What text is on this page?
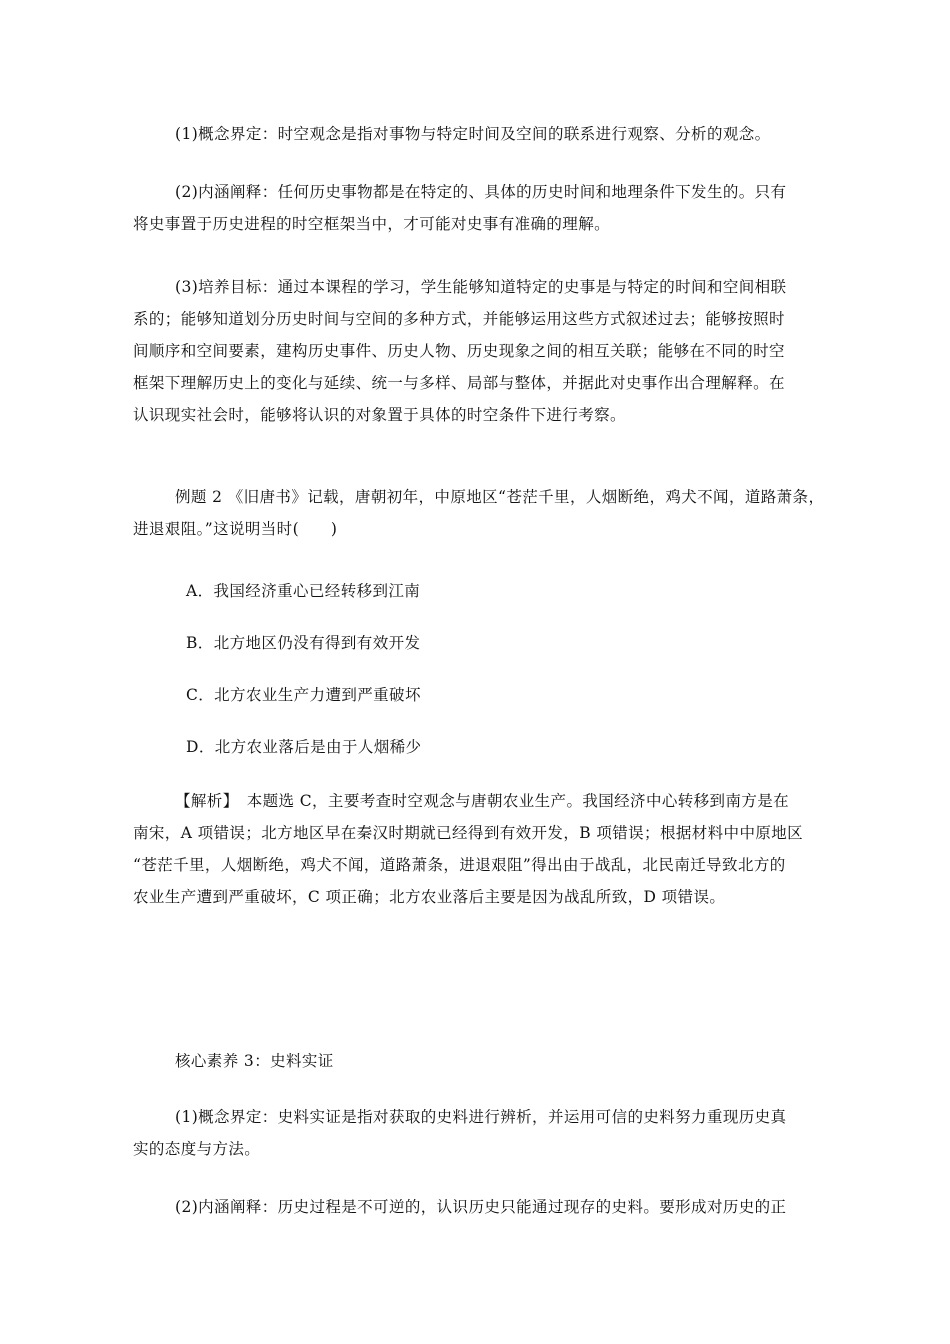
(1)概念界定：时空观念是指对事物与特定时间及空间的联系进行观察、分析的观念。

(2)内涵阐释：任何历史事物都是在特定的、具体的历史时间和地理条件下发生的。只有
将史事置于历史进程的时空框架当中，才可能对史事有准确的理解。

(3)培养目标：通过本课程的学习，学生能够知道特定的史事是与特定的时间和空间相联
系的；能够知道划分历史时间与空间的多种方式，并能够运用这些方式叙述过去；能够按照时
间顺序和空间要素，建构历史事件、历史人物、历史现象之间的相互关联；能够在不同的时空
框架下理解历史上的变化与延续、统一与多样、局部与整体，并据此对史事作出合理解释。在
认识现实社会时，能够将认识的对象置于具体的时空条件下进行考察。

例题 2 《旧唐书》记载，唐朝初年，中原地区“苍茫千里，人烟断绝，鸡犬不闻，道路萧条，
进退艰阻。”这说明当时(　　)

A．我国经济重心已经转移到江南

B．北方地区仍没有得到有效开发

C．北方农业生产力遭到严重破坏

D．北方农业落后是由于人烟稀少

【解析】　本题选 C，主要考查时空观念与唐朝农业生产。我国经济中心转移到南方是在
南宋，A 项错误；北方地区早在秦汉时期就已经得到有效开发，B 项错误；根据材料中中原地区
“苍茫千里，人烟断绝，鸡犬不闻，道路萧条，进退艰阻”得出由于战乱，北民南迁导致北方的
农业生产遭到严重破坏，C 项正确；北方农业落后主要是因为战乱所致，D 项错误。

核心素养 3：史料实证

(1)概念界定：史料实证是指对获取的史料进行辨析，并运用可信的史料努力重现历史真
实的态度与方法。

(2)内涵阐释：历史过程是不可逆的，认识历史只能通过现存的史料。要形成对历史的正
